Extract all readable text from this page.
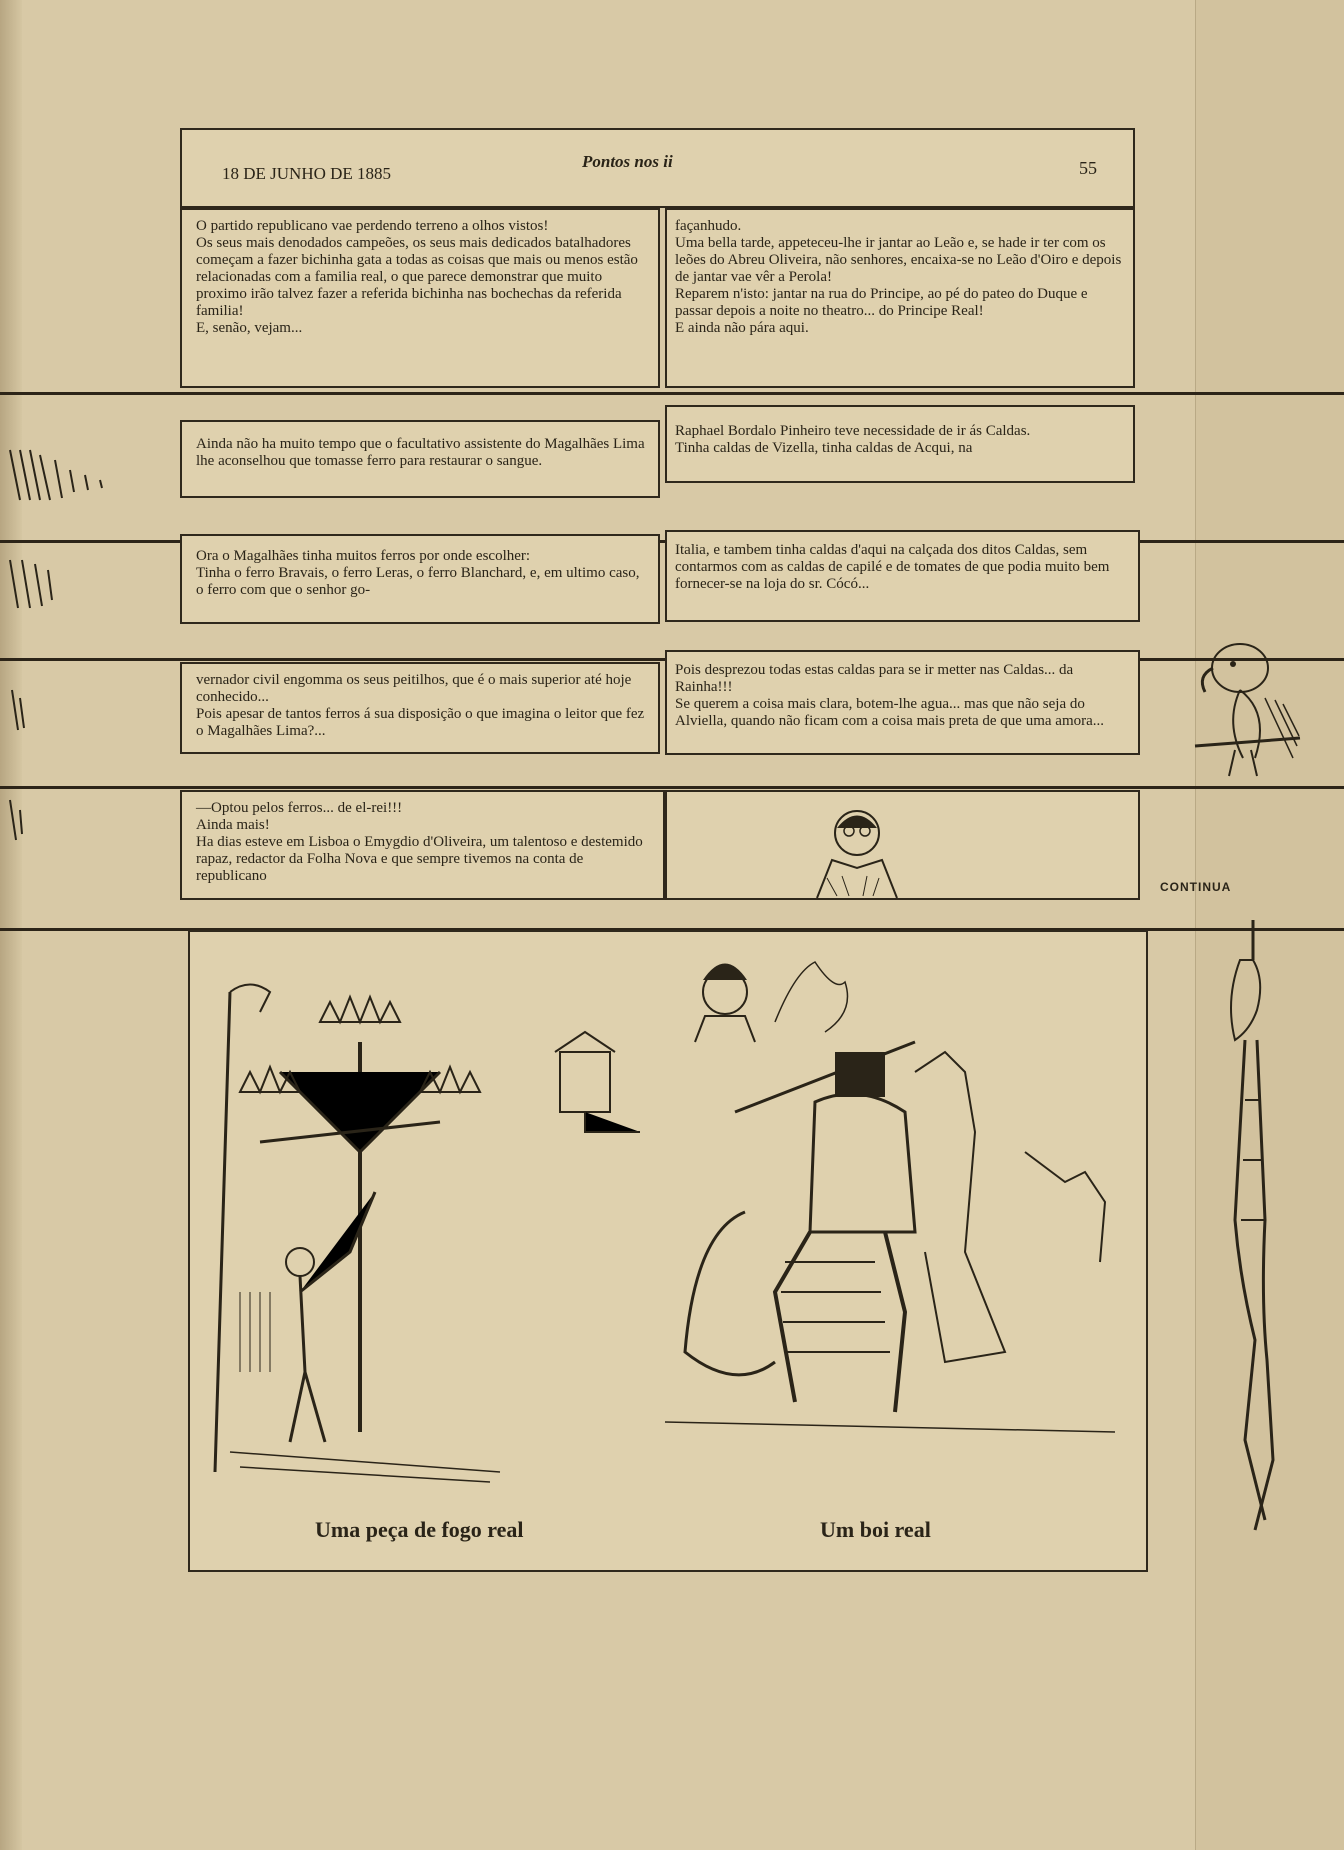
18 DE JUNHO DE 1885
Pontos nos ii	55
O partido republicano vae perdendo terreno a olhos vistos!
Os seus mais denodados campeões, os seus mais dedicados batalhadores começam a fazer bichinha gata a todas as coisas que mais ou menos estão relacionadas com a familia real, o que parece demonstrar que muito proximo irão talvez fazer a referida bichinha nas bochechas da referida familia!
E, senão, vejam...
façanhudo.
Uma bella tarde, appeteceu-lhe ir jantar ao Leão e, se hade ir ter com os leões do Abreu Oliveira, não senhores, encaixa-se no Leão d'Oiro e depois de jantar vae vêr a Perola!
Reparem n'isto: jantar na rua do Principe, ao pé do pateo do Duque e passar depois a noite no theatro... do Principe Real!
E ainda não pára aqui.
Ainda não ha muito tempo que o facultativo assistente do Magalhães Lima lhe aconselhou que tomasse ferro para restaurar o sangue.
Raphael Bordalo Pinheiro teve necessidade de ir ás Caldas.
Tinha caldas de Vizella, tinha caldas de Acqui, na
Ora o Magalhães tinha muitos ferros por onde escolher:
Tinha o ferro Bravais, o ferro Leras, o ferro Blanchard, e, em ultimo caso, o ferro com que o senhor go-
Italia, e tambem tinha caldas d'aqui na calçada dos ditos Caldas, sem contarmos com as caldas de capilé e de tomates de que podia muito bem fornecer-se na loja do sr. Cócó...
vernador civil engomma os seus peitilhos, que é o mais superior até hoje conhecido...
Pois apesar de tantos ferros á sua disposição o que imagina o leitor que fez o Magalhães Lima?...
Pois desprezou todas estas caldas para se ir metter nas Caldas... da Rainha!!!
Se querem a coisa mais clara, botem-lhe agua... mas que não seja do Alviella, quando não ficam com a coisa mais preta de que uma amora...
—Optou pelos ferros... de el-rei!!!
Ainda mais!
Ha dias esteve em Lisboa o Emygdio d'Oliveira, um talentoso e destemido rapaz, redactor da Folha Nova e que sempre tivemos na conta de republicano
CONTINUA
Uma peça de fogo real	Um boi real
